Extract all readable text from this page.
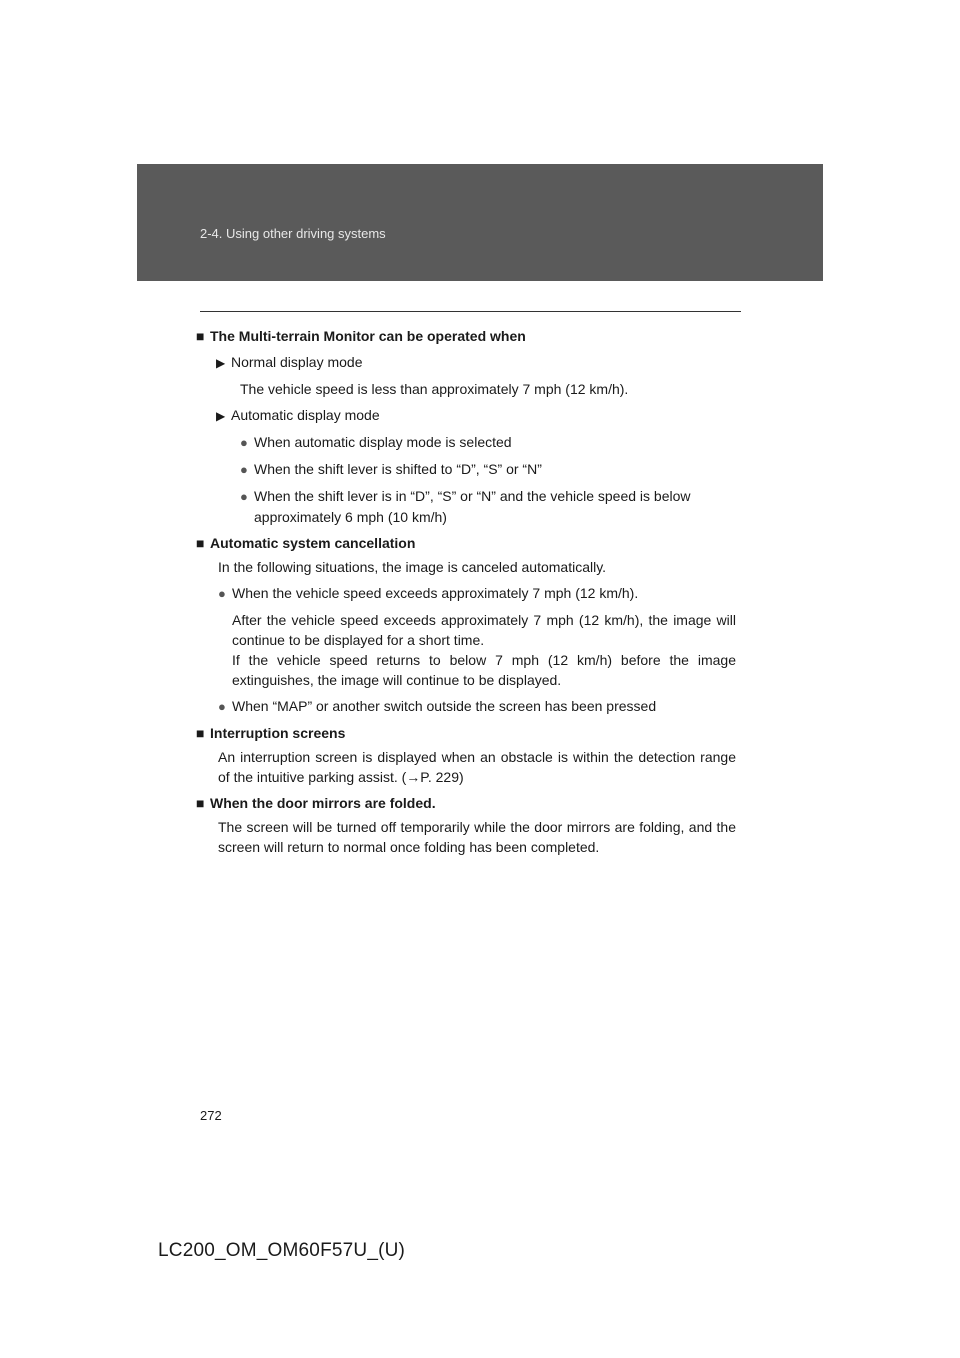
2-4. Using other driving systems
■ The Multi-terrain Monitor can be operated when
▶ Normal display mode
The vehicle speed is less than approximately 7 mph (12 km/h).
▶ Automatic display mode
● When automatic display mode is selected
● When the shift lever is shifted to “D”, “S” or “N”
● When the shift lever is in “D”, “S” or “N” and the vehicle speed is below approximately 6 mph (10 km/h)
■ Automatic system cancellation
In the following situations, the image is canceled automatically.
● When the vehicle speed exceeds approximately 7 mph (12 km/h).
After the vehicle speed exceeds approximately 7 mph (12 km/h), the image will continue to be displayed for a short time.
If the vehicle speed returns to below 7 mph (12 km/h) before the image extinguishes, the image will continue to be displayed.
● When “MAP” or another switch outside the screen has been pressed
■ Interruption screens
An interruption screen is displayed when an obstacle is within the detection range of the intuitive parking assist. (→P. 229)
■ When the door mirrors are folded.
The screen will be turned off temporarily while the door mirrors are folding, and the screen will return to normal once folding has been completed.
272
LC200_OM_OM60F57U_(U)
